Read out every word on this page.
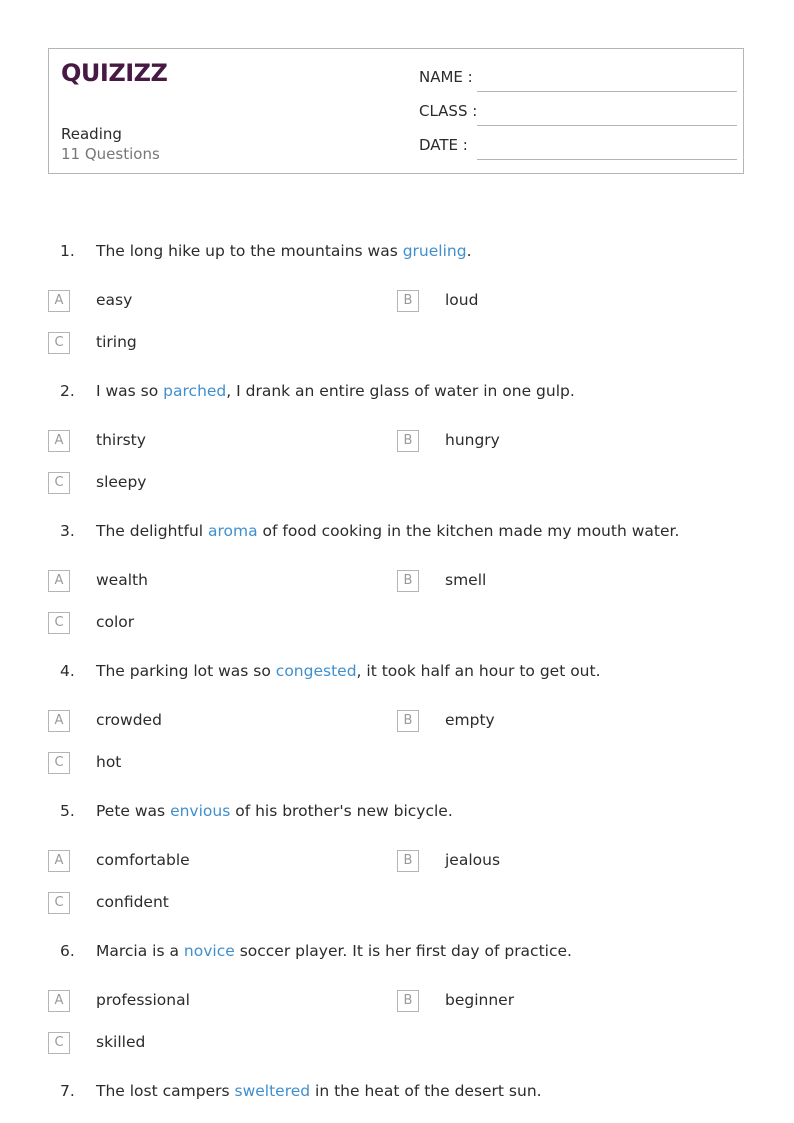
QUIZIZZ
Reading
11 Questions
NAME :
CLASS :
DATE :
1. The long hike up to the mountains was grueling.
A	easy	B	loud
C	tiring
2. I was so parched, I drank an entire glass of water in one gulp.
A	thirsty	B	hungry
C	sleepy
3. The delightful aroma of food cooking in the kitchen made my mouth water.
A	wealth	B	smell
C	color
4. The parking lot was so congested, it took half an hour to get out.
A	crowded	B	empty
C	hot
5. Pete was envious of his brother's new bicycle.
A	comfortable	B	jealous
C	confident
6. Marcia is a novice soccer player. It is her first day of practice.
A	professional	B	beginner
C	skilled
7. The lost campers sweltered in the heat of the desert sun.
